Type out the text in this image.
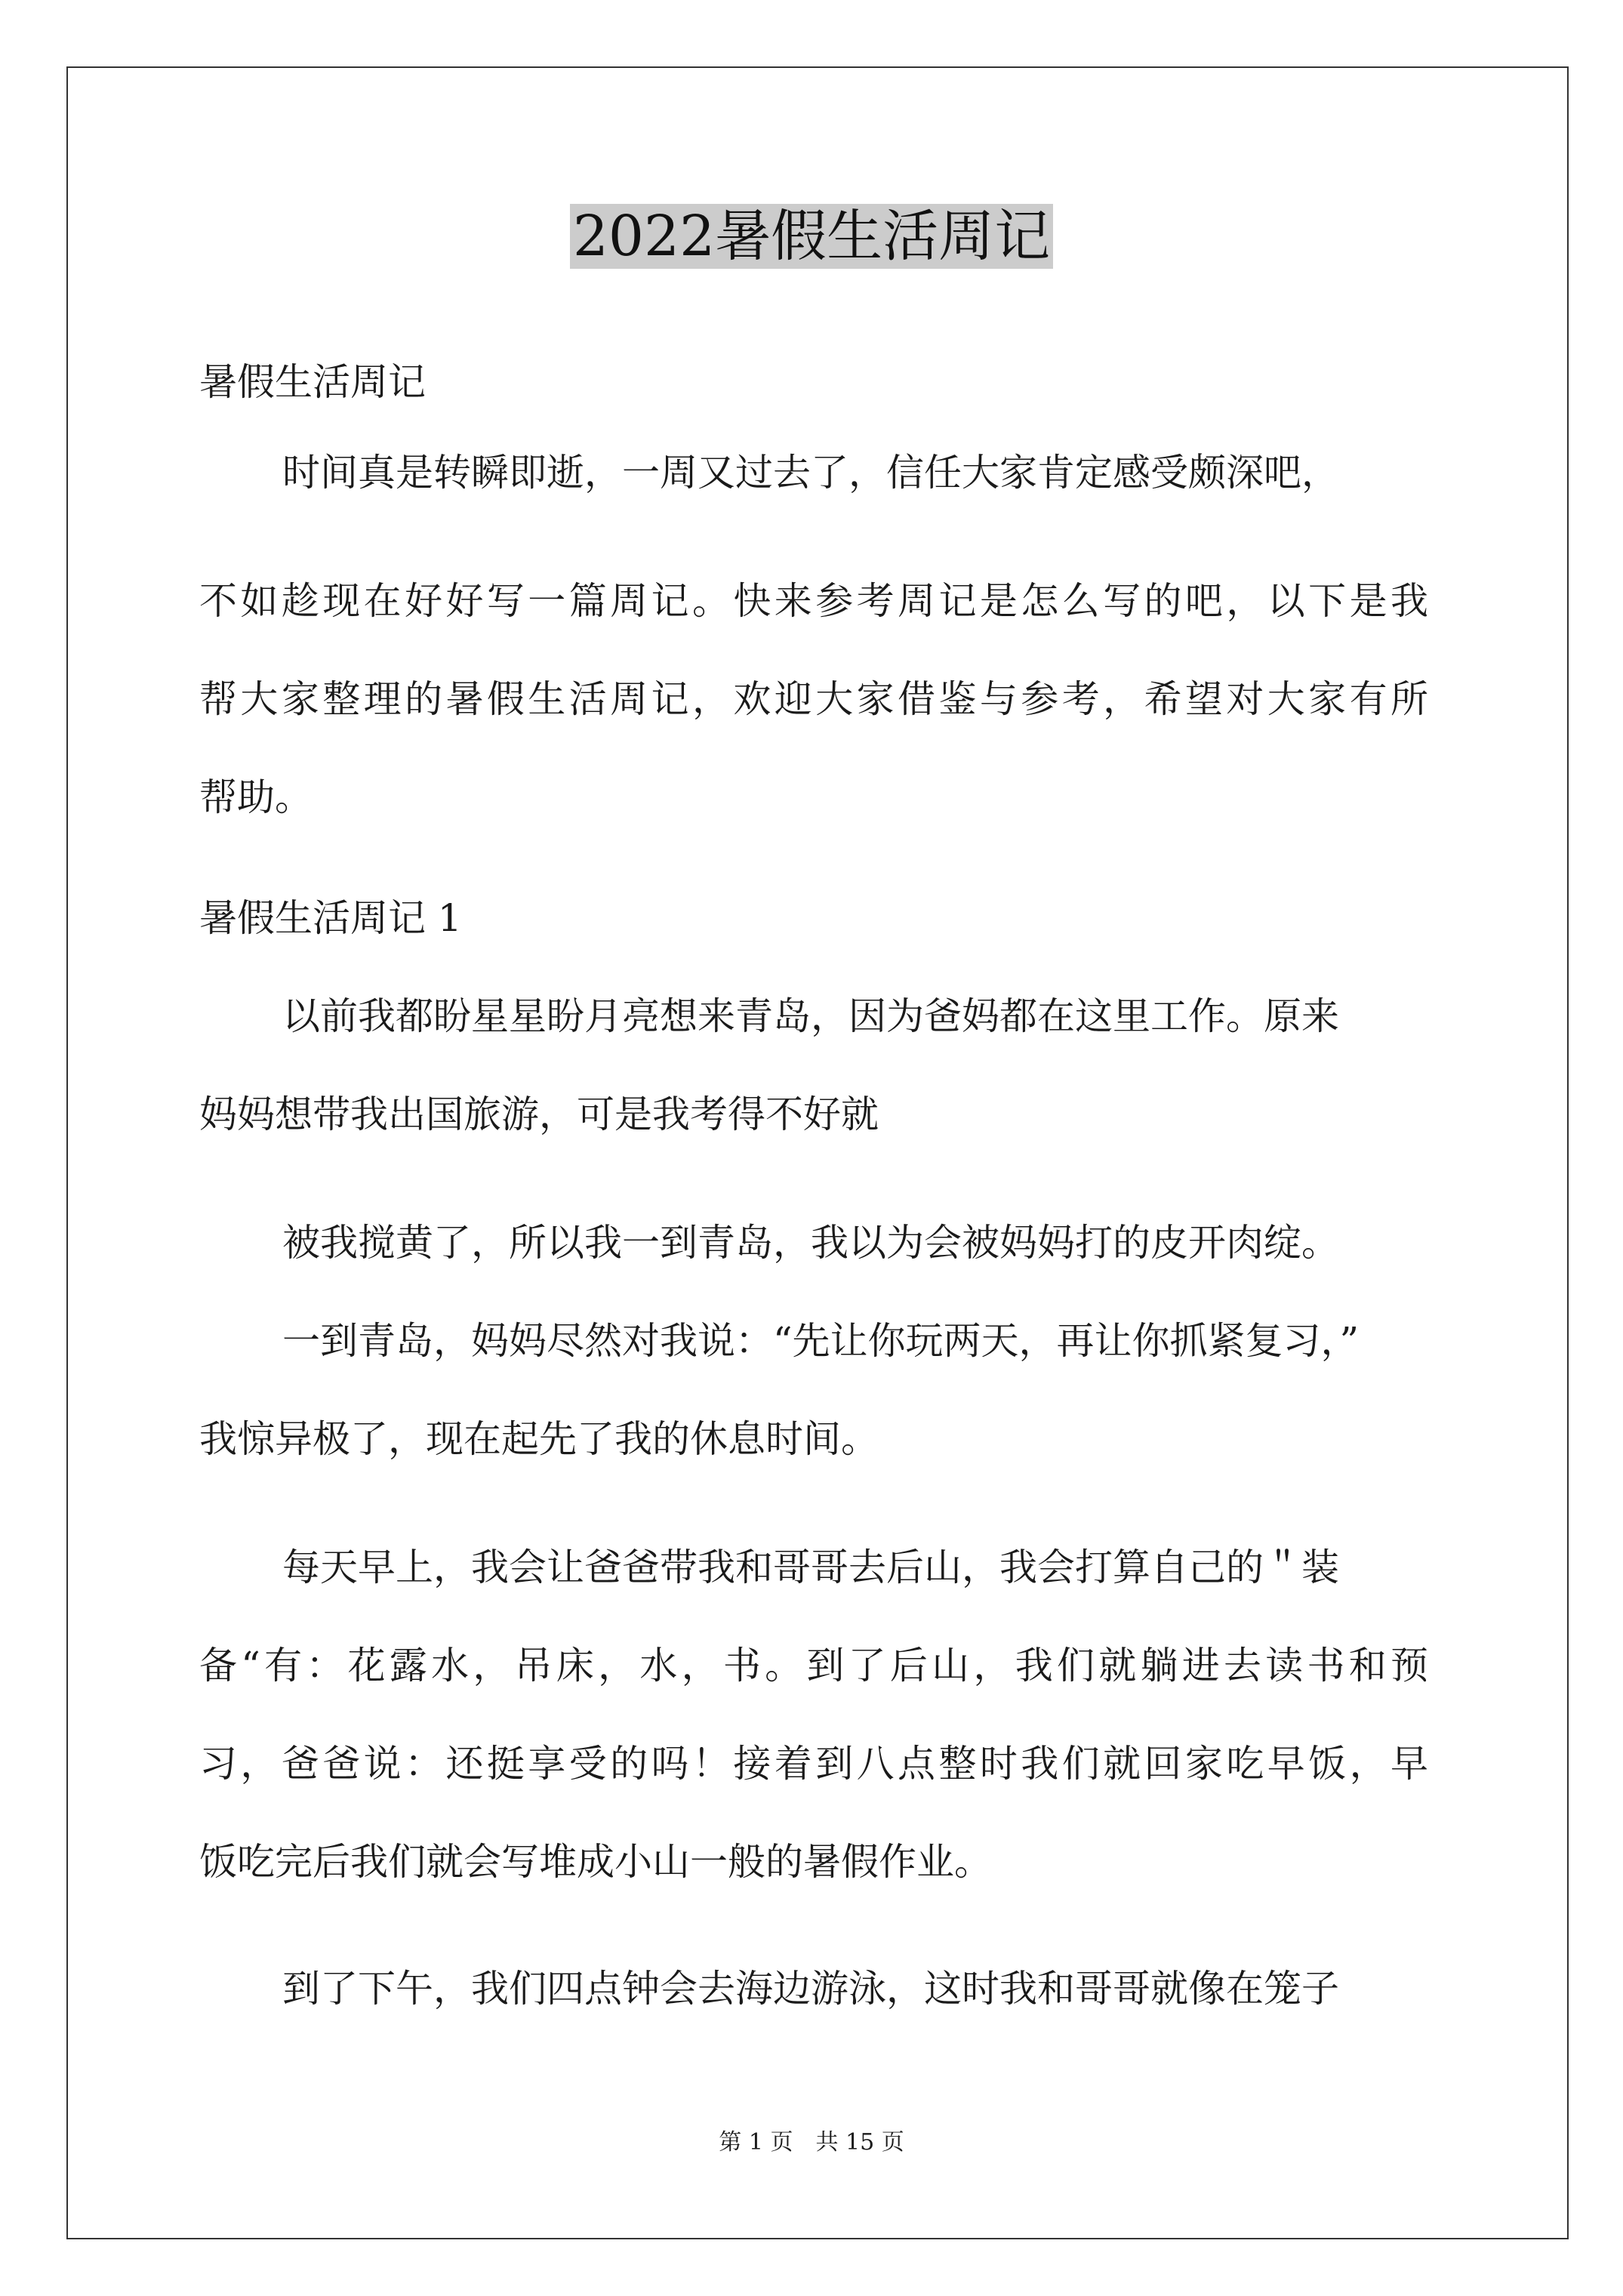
2022暑假生活周记
暑假生活周记
时间真是转瞬即逝，一周又过去了，信任大家肯定感受颇深吧，
不如趁现在好好写一篇周记。快来参考周记是怎么写的吧，以下是我
帮大家整理的暑假生活周记，欢迎大家借鉴与参考，希望对大家有所
帮助。
暑假生活周记 1
以前我都盼星星盼月亮想来青岛，因为爸妈都在这里工作。原来
妈妈想带我出国旅游，可是我考得不好就
被我搅黄了，所以我一到青岛，我以为会被妈妈打的皮开肉绽。
一到青岛，妈妈尽然对我说：“先让你玩两天，再让你抓紧复习，”
我惊异极了，现在起先了我的休息时间。
每天早上，我会让爸爸带我和哥哥去后山，我会打算自己的＂装
备“有：花露水，吊床，水，书。到了后山，我们就躺进去读书和预
习，爸爸说：还挺享受的吗！接着到八点整时我们就回家吃早饭，早
饭吃完后我们就会写堆成小山一般的暑假作业。
到了下午，我们四点钟会去海边游泳，这时我和哥哥就像在笼子
第 1 页　共 15 页
